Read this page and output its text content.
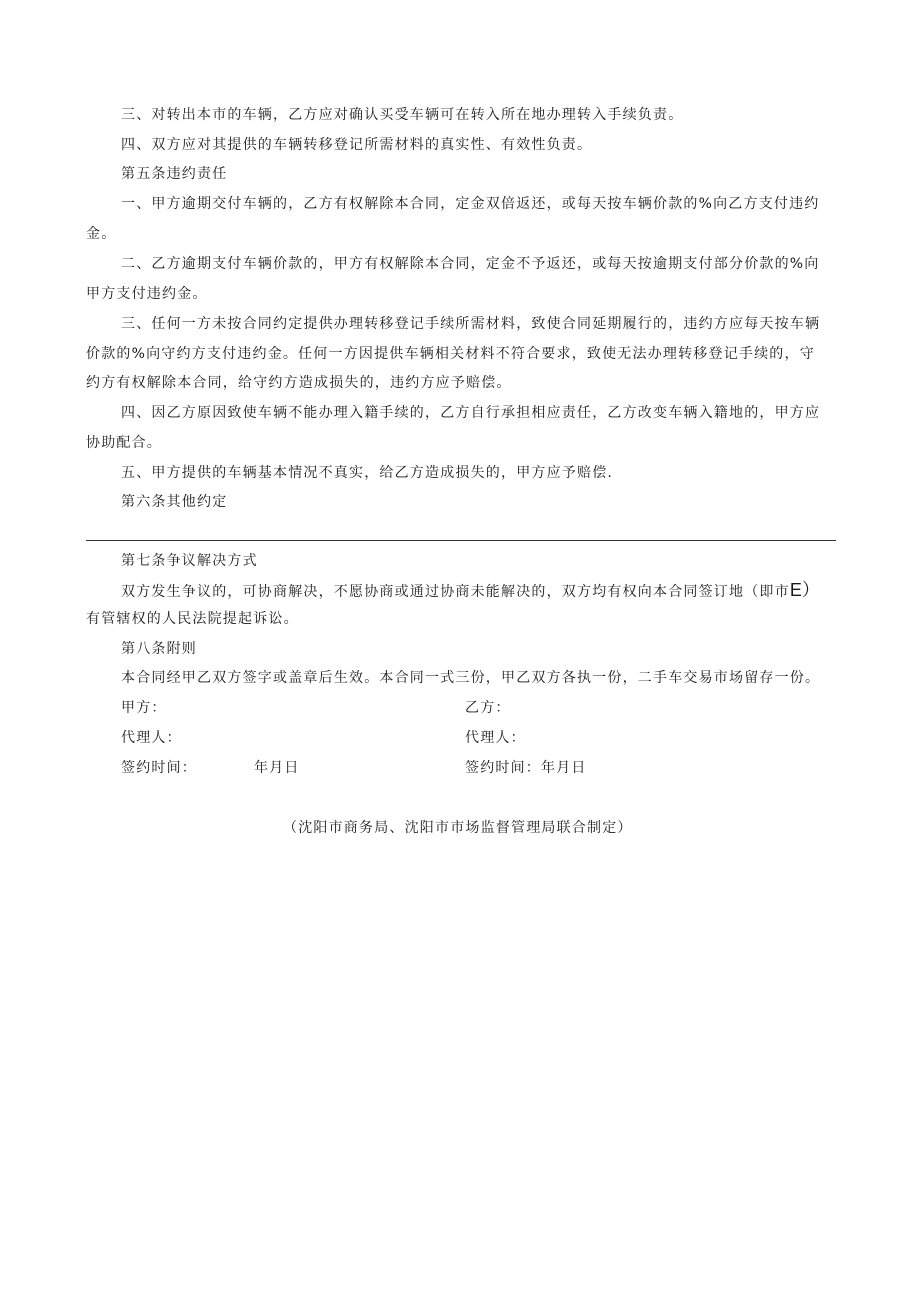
三、对转出本市的车辆，乙方应对确认买受车辆可在转入所在地办理转入手续负责。
四、双方应对其提供的车辆转移登记所需材料的真实性、有效性负责。
第五条违约责任
一、甲方逾期交付车辆的，乙方有权解除本合同，定金双倍返还，或每天按车辆价款的%向乙方支付违约
金。
二、乙方逾期支付车辆价款的，甲方有权解除本合同，定金不予返还，或每天按逾期支付部分价款的%向
甲方支付违约金。
三、任何一方未按合同约定提供办理转移登记手续所需材料，致使合同延期履行的，违约方应每天按车辆
价款的%向守约方支付违约金。任何一方因提供车辆相关材料不符合要求，致使无法办理转移登记手续的，守
约方有权解除本合同，给守约方造成损失的，违约方应予赔偿。
四、因乙方原因致使车辆不能办理入籍手续的，乙方自行承担相应责任，乙方改变车辆入籍地的，甲方应
协助配合。
五、甲方提供的车辆基本情况不真实，给乙方造成损失的，甲方应予赔偿.
第六条其他约定
第七条争议解决方式
双方发生争议的，可协商解决，不愿协商或通过协商未能解决的，双方均有权向本合同签订地（即市E）
有管辖权的人民法院提起诉讼。
第八条附则
本合同经甲乙双方签字或盖章后生效。本合同一式三份，甲乙双方各执一份，二手车交易市场留存一份。
甲方：	乙方：
代理人：	代理人：
签约时间：	年月日	签约时间：年月日
（沈阳市商务局、沈阳市市场监督管理局联合制定）
